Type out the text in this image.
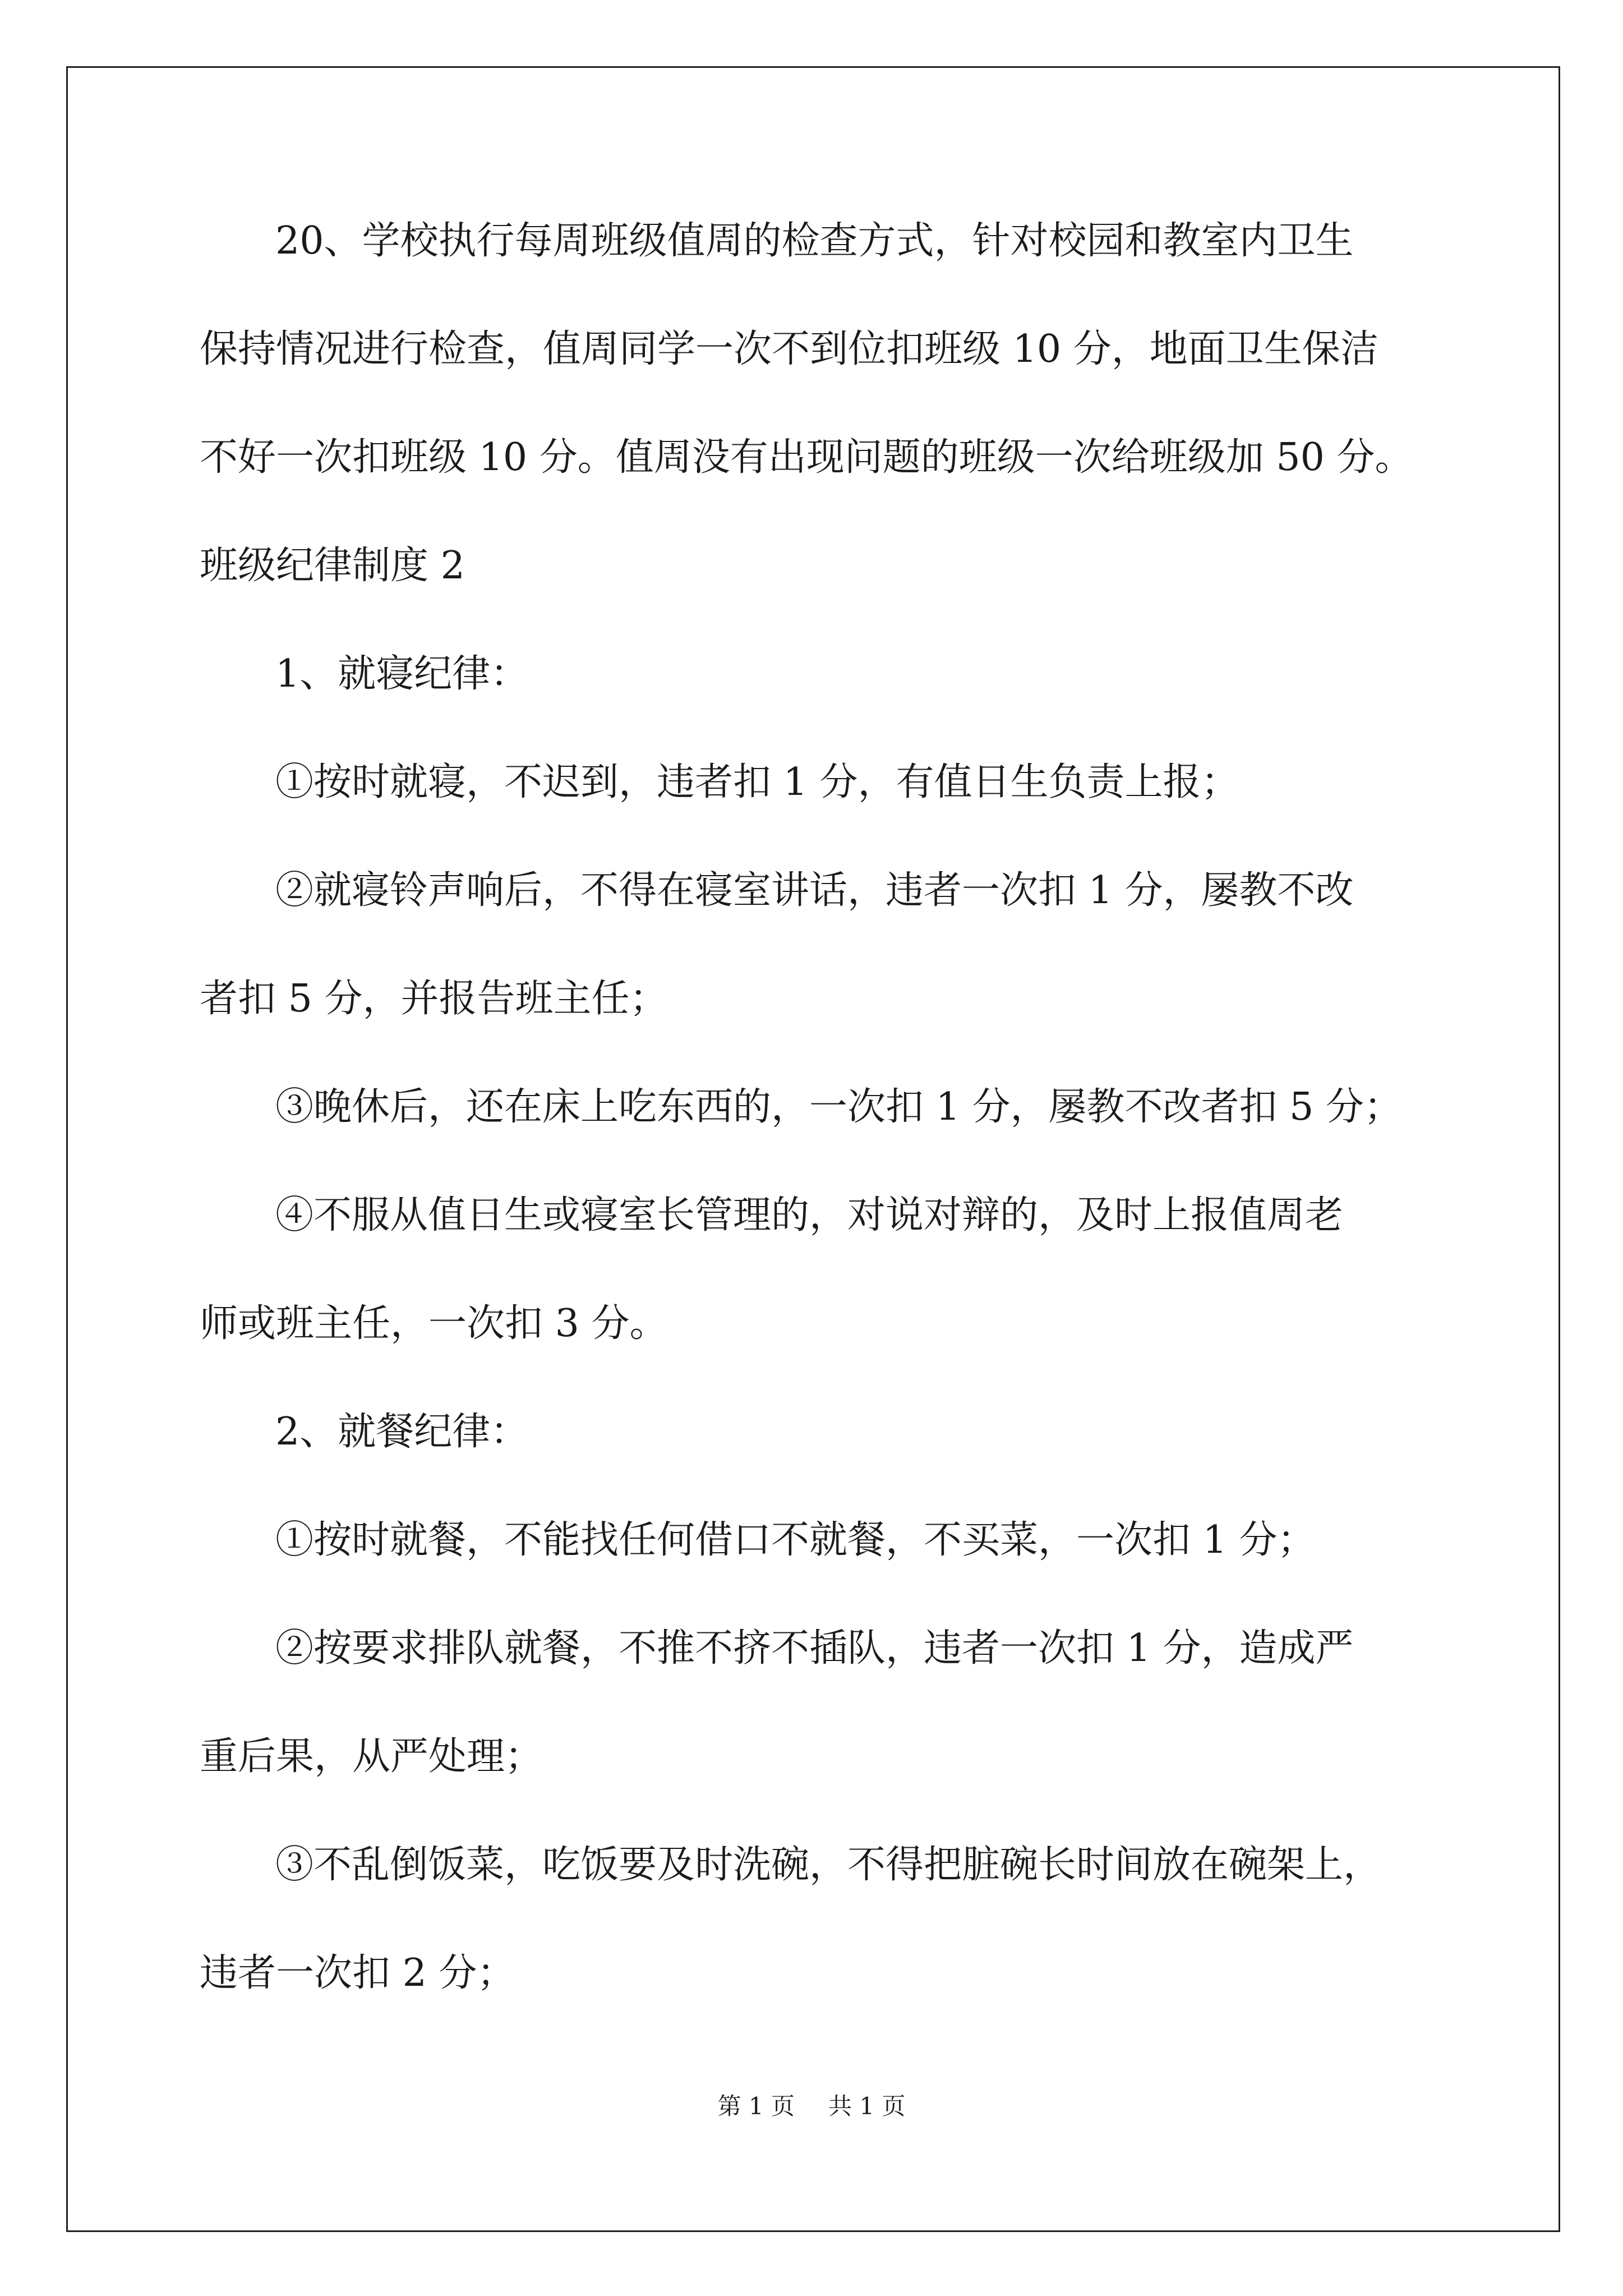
20、学校执行每周班级值周的检查方式，针对校园和教室内卫生

保持情况进行检查，值周同学一次不到位扣班级 10 分，地面卫生保洁

不好一次扣班级 10 分。值周没有出现问题的班级一次给班级加 50 分。

班级纪律制度 2

1、就寝纪律：

①按时就寝，不迟到，违者扣 1 分，有值日生负责上报；

②就寝铃声响后，不得在寝室讲话，违者一次扣 1 分，屡教不改

者扣 5 分，并报告班主任；

③晚休后，还在床上吃东西的，一次扣 1 分，屡教不改者扣 5 分；

④不服从值日生或寝室长管理的，对说对辩的，及时上报值周老

师或班主任，一次扣 3 分。

2、就餐纪律：

①按时就餐，不能找任何借口不就餐，不买菜，一次扣 1 分；

②按要求排队就餐，不推不挤不插队，违者一次扣 1 分，造成严

重后果，从严处理；

③不乱倒饭菜，吃饭要及时洗碗，不得把脏碗长时间放在碗架上，

违者一次扣 2 分；

第 1 页 共 1 页
